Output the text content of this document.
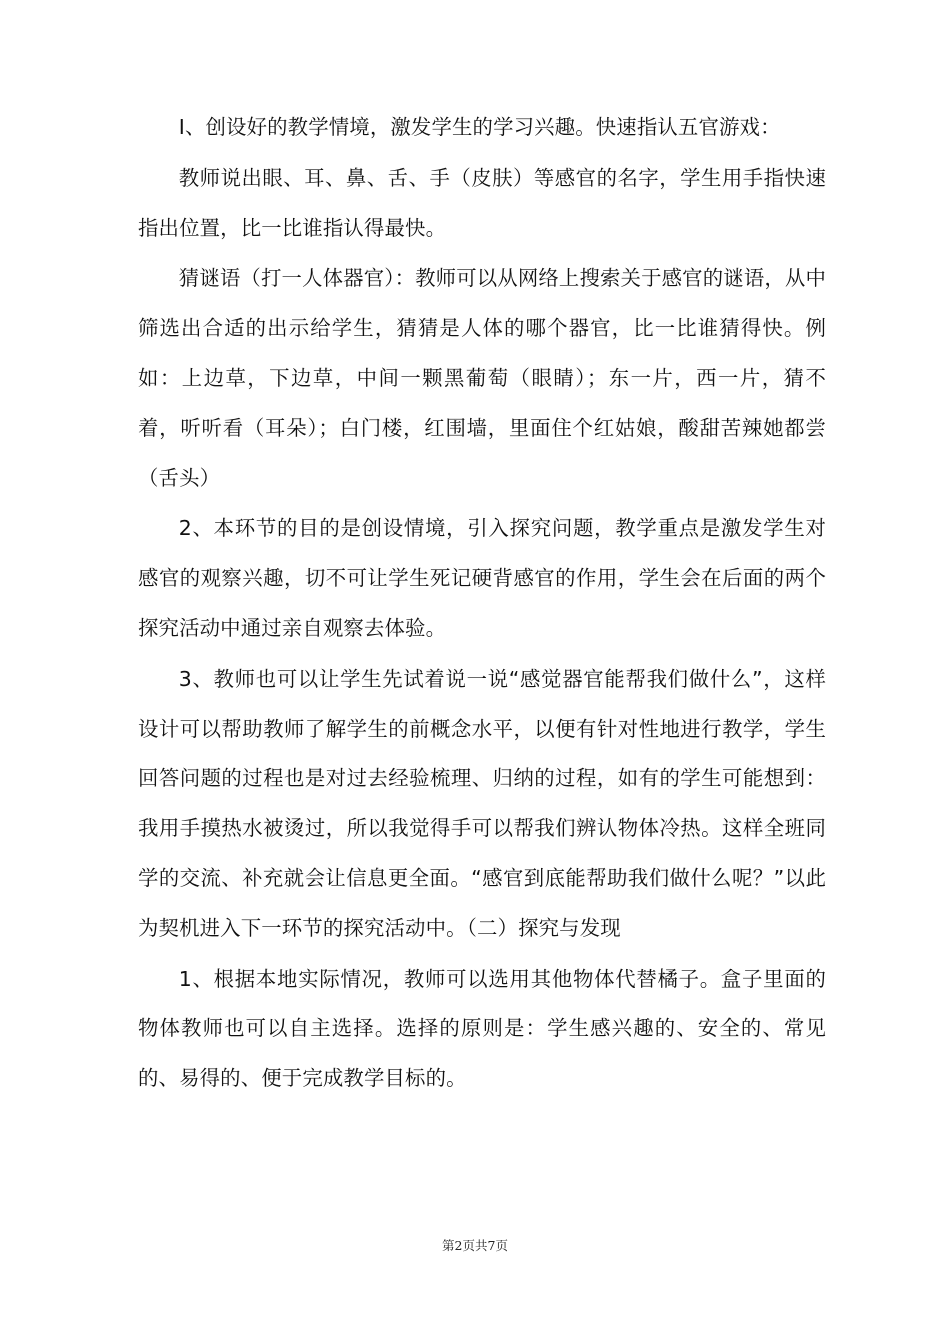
I、创设好的教学情境，激发学生的学习兴趣。快速指认五官游戏：

教师说出眼、耳、鼻、舌、手（皮肤）等感官的名字，学生用手指快速指出位置，比一比谁指认得最快。

猜谜语（打一人体器官）：教师可以从网络上搜索关于感官的谜语，从中筛选出合适的出示给学生，猜猜是人体的哪个器官，比一比谁猜得快。例如：上边草，下边草，中间一颗黑葡萄（眼睛）；东一片，西一片，猜不着，听听看（耳朵）；白门楼，红围墙，里面住个红姑娘，酸甜苦辣她都尝（舌头）

2、本环节的目的是创设情境，引入探究问题，教学重点是激发学生对感官的观察兴趣，切不可让学生死记硬背感官的作用，学生会在后面的两个探究活动中通过亲自观察去体验。

3、教师也可以让学生先试着说一说“感觉器官能帮我们做什么”，这样设计可以帮助教师了解学生的前概念水平，以便有针对性地进行教学，学生回答问题的过程也是对过去经验梳理、归纳的过程，如有的学生可能想到：我用手摸热水被烫过，所以我觉得手可以帮我们辨认物体冷热。这样全班同学的交流、补充就会让信息更全面。“感官到底能帮助我们做什么呢？”以此为契机进入下一环节的探究活动中。（二）探究与发现

1、根据本地实际情况，教师可以选用其他物体代替橘子。盒子里面的物体教师也可以自主选择。选择的原则是：学生感兴趣的、安全的、常见的、易得的、便于完成教学目标的。

第2页共7页
